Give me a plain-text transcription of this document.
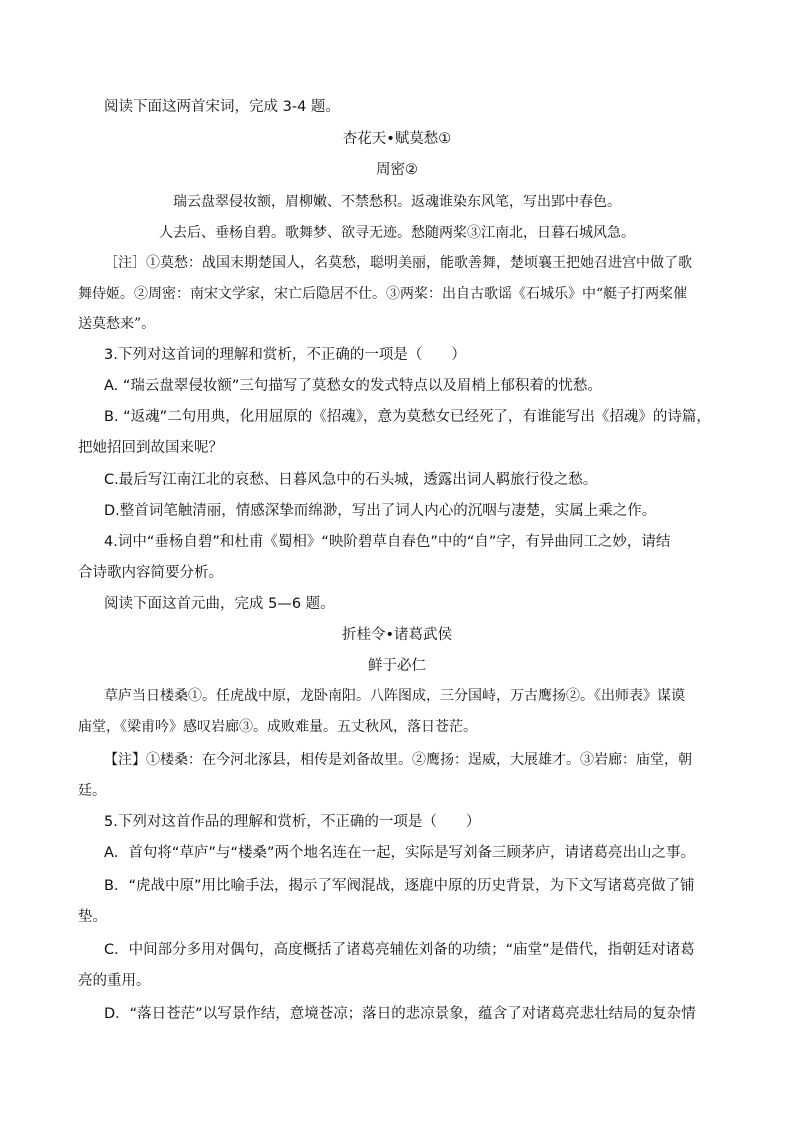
阅读下面这两首宋词，完成 3-4 题。
杏花天•赋莫愁①
周密②
瑞云盘翠侵妆额，眉柳嫩、不禁愁积。返魂谁染东风笔，写出郢中春色。
人去后、垂杨自碧。歌舞梦、欲寻无迹。愁随两桨③江南北，日暮石城风急。
［注］①莫愁：战国末期楚国人，名莫愁，聪明美丽，能歌善舞，楚顷襄王把她召进宫中做了歌
舞侍姬。②周密：南宋文学家，宋亡后隐居不仕。③两桨：出自古歌谣《石城乐》中“艇子打两桨催
送莫愁来”。
3.下列对这首词的理解和赏析，不正确的一项是（　　）
A. “瑞云盘翠侵妆额”三句描写了莫愁女的发式特点以及眉梢上郁积着的忧愁。
B. “返魂”二句用典，化用屈原的《招魂》，意为莫愁女已经死了，有谁能写出《招魂》的诗篇，
把她招回到故国来呢？
C.最后写江南江北的哀愁、日暮风急中的石头城，透露出词人羁旅行役之愁。
D.整首词笔触清丽，情感深挚而绵渺，写出了词人内心的沉咽与凄楚，实属上乘之作。
4.词中“垂杨自碧”和杜甫《蜀相》“映阶碧草自春色”中的“自”字，有异曲同工之妙，请结
合诗歌内容简要分析。
阅读下面这首元曲，完成 5—6 题。
折桂令•诸葛武侯
鲜于必仁
草庐当日楼桑①。任虎战中原，龙卧南阳。八阵图成，三分国峙，万古鹰扬②。《出师表》谋谟
庙堂，《梁甫吟》感叹岩廊③。成败难量。五丈秋风，落日苍茫。
【注】①楼桑：在今河北涿县，相传是刘备故里。②鹰扬：逞威，大展雄才。③岩廊：庙堂，朝
廷。
5.下列对这首作品的理解和赏析，不正确的一项是（　　）
A．首句将“草庐”与“楼桑”两个地名连在一起，实际是写刘备三顾茅庐，请诸葛亮出山之事。
B．“虎战中原”用比喻手法，揭示了军阀混战，逐鹿中原的历史背景，为下文写诸葛亮做了铺
垫。
C．中间部分多用对偶句，高度概括了诸葛亮辅佐刘备的功绩；“庙堂”是借代，指朝廷对诸葛
亮的重用。
D．“落日苍茫”以写景作结，意境苍凉；落日的悲凉景象，蕴含了对诸葛亮悲壮结局的复杂情
